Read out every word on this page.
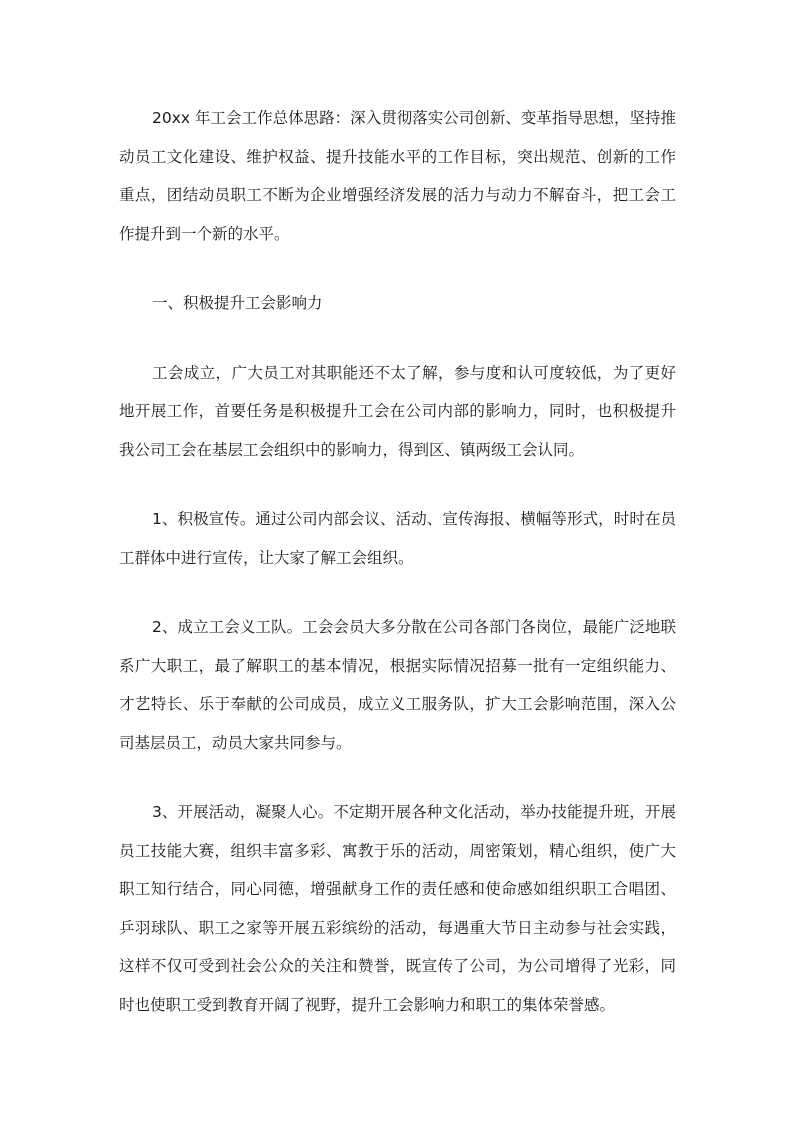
20xx 年工会工作总体思路：深入贯彻落实公司创新、变革指导思想，坚持推动员工文化建设、维护权益、提升技能水平的工作目标，突出规范、创新的工作重点，团结动员职工不断为企业增强经济发展的活力与动力不解奋斗，把工会工作提升到一个新的水平。

一、积极提升工会影响力

工会成立，广大员工对其职能还不太了解，参与度和认可度较低，为了更好地开展工作，首要任务是积极提升工会在公司内部的影响力，同时，也积极提升我公司工会在基层工会组织中的影响力，得到区、镇两级工会认同。

1、积极宣传。通过公司内部会议、活动、宣传海报、横幅等形式，时时在员工群体中进行宣传，让大家了解工会组织。

2、成立工会义工队。工会会员大多分散在公司各部门各岗位，最能广泛地联系广大职工，最了解职工的基本情况，根据实际情况招募一批有一定组织能力、才艺特长、乐于奉献的公司成员，成立义工服务队，扩大工会影响范围，深入公司基层员工，动员大家共同参与。

3、开展活动，凝聚人心。不定期开展各种文化活动，举办技能提升班，开展员工技能大赛，组织丰富多彩、寓教于乐的活动，周密策划，精心组织，使广大职工知行结合，同心同德，增强献身工作的责任感和使命感如组织职工合唱团、乒羽球队、职工之家等开展五彩缤纷的活动，每遇重大节日主动参与社会实践，这样不仅可受到社会公众的关注和赞誉，既宣传了公司，为公司增得了光彩，同时也使职工受到教育开阔了视野，提升工会影响力和职工的集体荣誉感。
